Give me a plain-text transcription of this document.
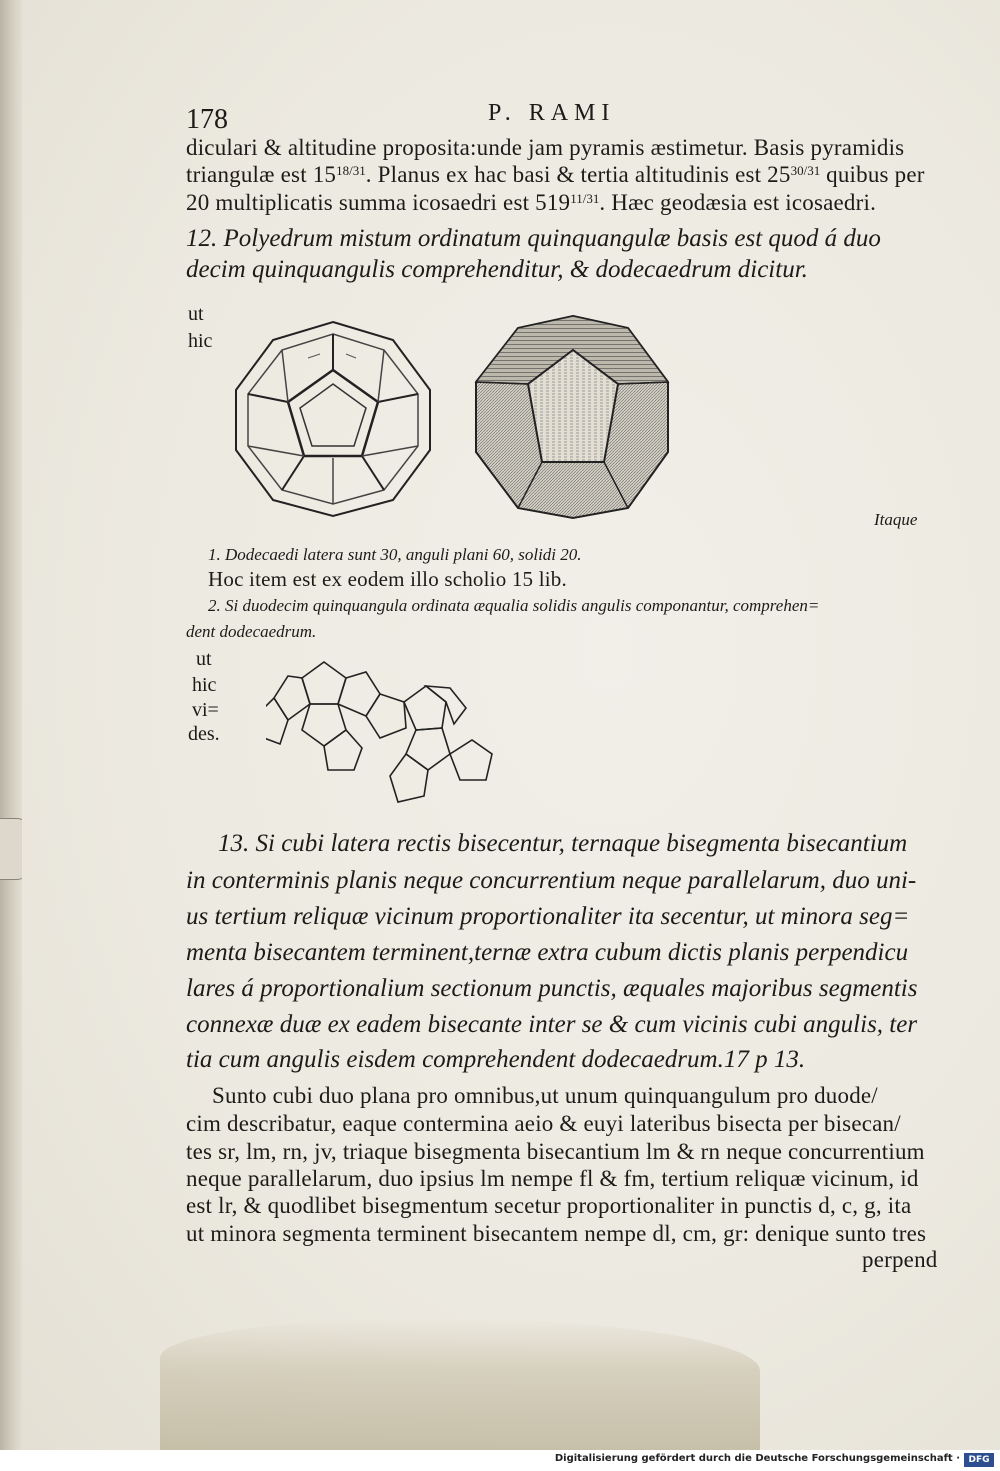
178	P. RAMI
diculari & altitudine proposita:unde jam pyramis æstimetur. Basis pyramidis
triangulæ est $15^{18/31}$. Planus ex hac basi & tertia altitudinis est $25^{30/31}$ quibus per
20 multiplicatis summa icosaedri est $519^{11/31}$. Hæc geodæsia est icosaedri.
12. Polyedrum mistum ordinatum quinquangulæ basis est quod á duo
decim quinquangulis comprehenditur, & dodecaedrum dicitur.
ut
hic
Itaque
1. Dodecaedi latera sunt 30, anguli plani 60, solidi 20.
Hoc item est ex eodem illo scholio 15 lib.
2. Si duodecim quinquangula ordinata æqualia solidis angulis componantur, comprehen=
dent dodecaedrum.
ut
hic
vi=
des.
13. Si cubi latera rectis bisecentur, ternaque bisegmenta bisecantium
in conterminis planis neque concurrentium neque parallelarum, duo uni-
us tertium reliquæ vicinum proportionaliter ita secentur, ut minora seg=
menta bisecantem terminent,ternæ extra cubum dictis planis perpendicu
lares á proportionalium sectionum punctis, æquales majoribus segmentis
connexæ duæ ex eadem bisecante inter se & cum vicinis cubi angulis, ter
tia cum angulis eisdem comprehendent dodecaedrum.17 p 13.
Sunto cubi duo plana pro omnibus,ut unum quinquangulum pro duode/
cim describatur, eaque contermina aeio & euyi lateribus bisecta per bisecan/
tes sr, lm, rn, jv, triaque bisegmenta bisecantium lm & rn neque concurrentium
neque parallelarum, duo ipsius lm nempe fl & fm, tertium reliquæ vicinum, id
est lr, & quodlibet bisegmentum secetur proportionaliter in punctis d, c, g, ita
ut minora segmenta terminent bisecantem nempe dl, cm, gr: denique sunto tres
perpend
Digitalisierung gefördert durch die Deutsche Forschungsgemeinschaft · DFG
